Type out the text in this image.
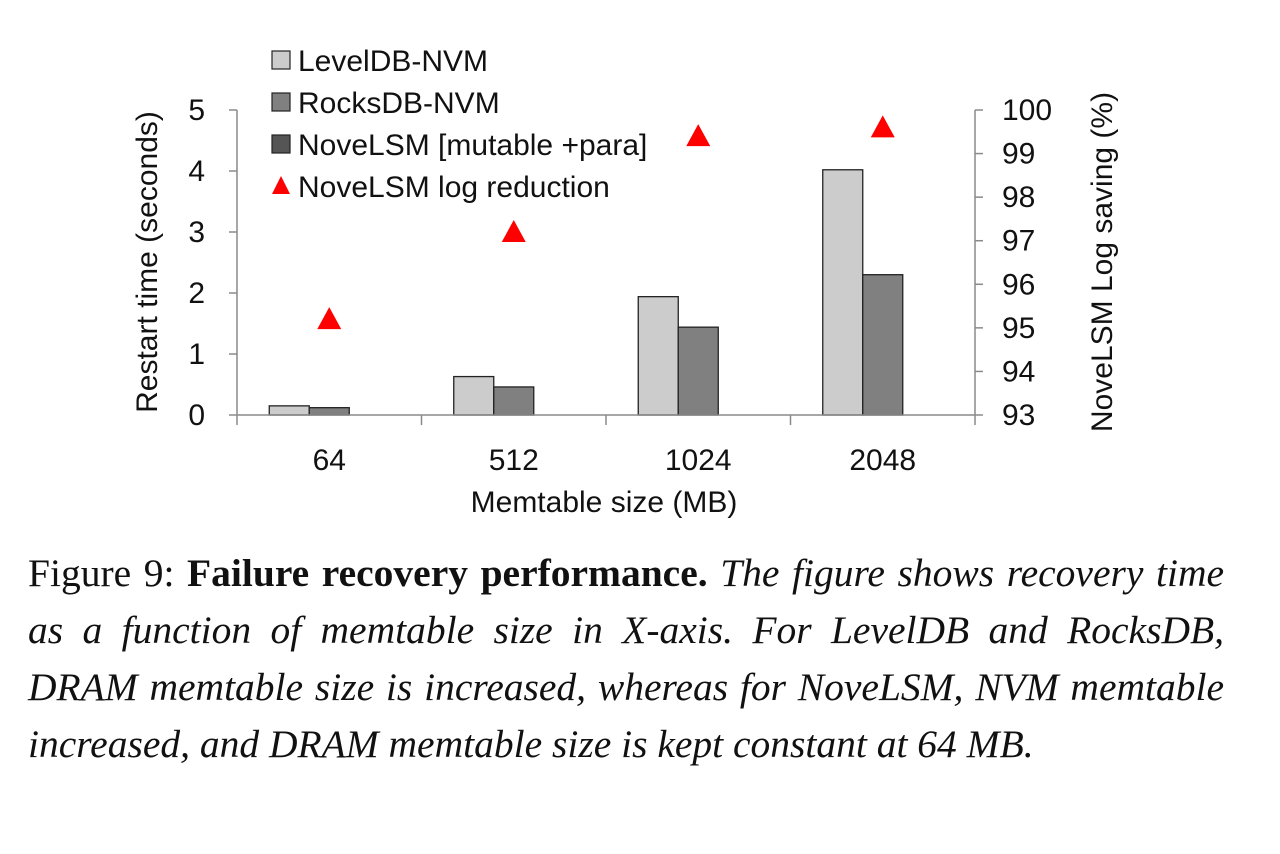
0
1
2
3
4
5
93
94
95
96
97
98
99
100
64	512	1024	2048
LevelDB-NVM
RocksDB-NVM
NoveLSM [mutable +para]
NoveLSM log reduction
Restart time (seconds)	NoveLSM Log saving (%)
Memtable size (MB)
Figure 9: Failure recovery performance. The figure shows recovery time as a function of memtable size in X-axis. For LevelDB and RocksDB, DRAM memtable size is increased, whereas for NoveLSM, NVM memtable increased, and DRAM memtable size is kept constant at 64 MB.
